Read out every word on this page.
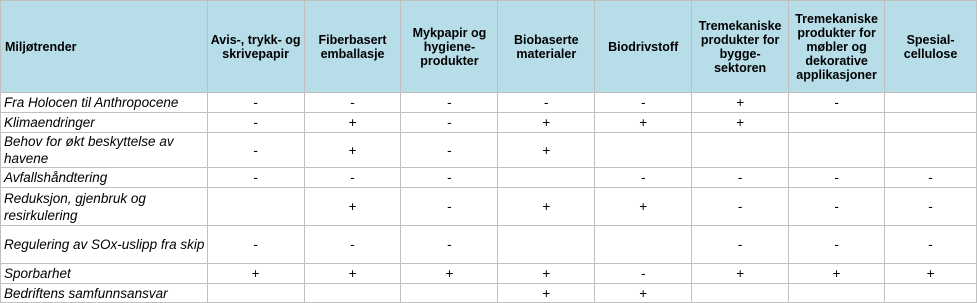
Miljøtrender	Avis-, trykk- og skrivepapir	Fiberbasert emballasje	Mykpapir og hygiene- produkter	Biobaserte materialer	Biodrivstoff	Tremekaniske produkter for bygge- sektoren	Tremekaniske produkter for møbler og dekorative applikasjoner	Spesial- cellulose
Fra Holocen til Anthropocene	-	-	-	-	-	+	-	
Klimaendringer	-	+	-	+	+	+		
Behov for økt beskyttelse av havene	-	+	-	+				
Avfallshåndtering	-	-	-		-	-	-	-
Reduksjon, gjenbruk og resirkulering		+	-	+	+	-	-	-
Regulering av SOx-uslipp fra skip	-	-	-			-	-	-
Sporbarhet	+	+	+	+	-	+	+	+
Bedriftens samfunnsansvar				+	+			
